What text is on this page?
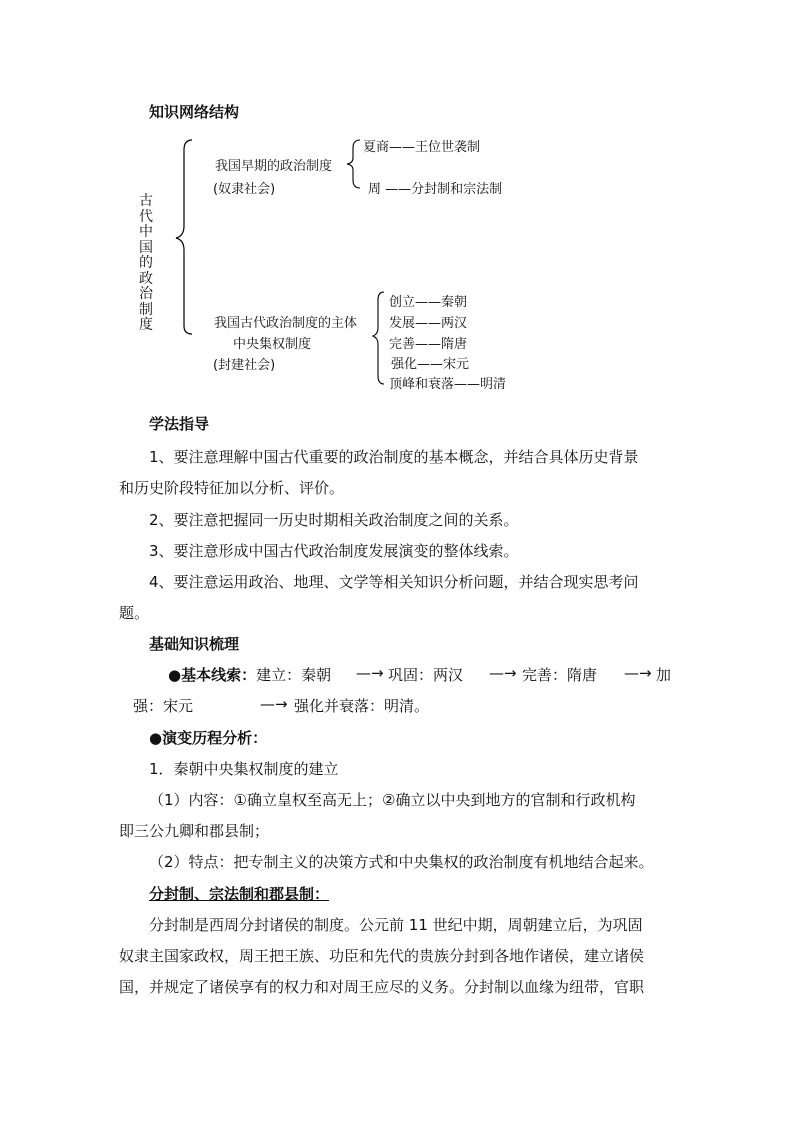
知识网络结构
古
代
中
国
的
政
治
制
度
我国早期的政治制度
(奴隶社会)
夏商——王位世袭制
周 ——分封制和宗法制
我国古代政治制度的主体
中央集权制度
(封建社会)
创立——秦朝
发展——两汉
完善——隋唐
强化——宋元
顶峰和衰落——明清
学法指导
1、要注意理解中国古代重要的政治制度的基本概念，并结合具体历史背景
和历史阶段特征加以分析、评价。
2、要注意把握同一历史时期相关政治制度之间的关系。
3、要注意形成中国古代政治制度发展演变的整体线索。
4、要注意运用政治、地理、文学等相关知识分析问题，并结合现实思考问
题。
基础知识梳理
●基本线索：建立：秦朝 —→ 巩固：两汉 —→ 完善：隋唐 —→ 加
强：宋元	—→ 强化并衰落：明清。
●演变历程分析：
1．秦朝中央集权制度的建立
（1）内容：①确立皇权至高无上；②确立以中央到地方的官制和行政机构
即三公九卿和郡县制；
（2）特点：把专制主义的决策方式和中央集权的政治制度有机地结合起来。
分封制、宗法制和郡县制：
分封制是西周分封诸侯的制度。公元前 11 世纪中期，周朝建立后，为巩固
奴隶主国家政权，周王把王族、功臣和先代的贵族分封到各地作诸侯，建立诸侯
国，并规定了诸侯享有的权力和对周王应尽的义务。分封制以血缘为纽带，官职
